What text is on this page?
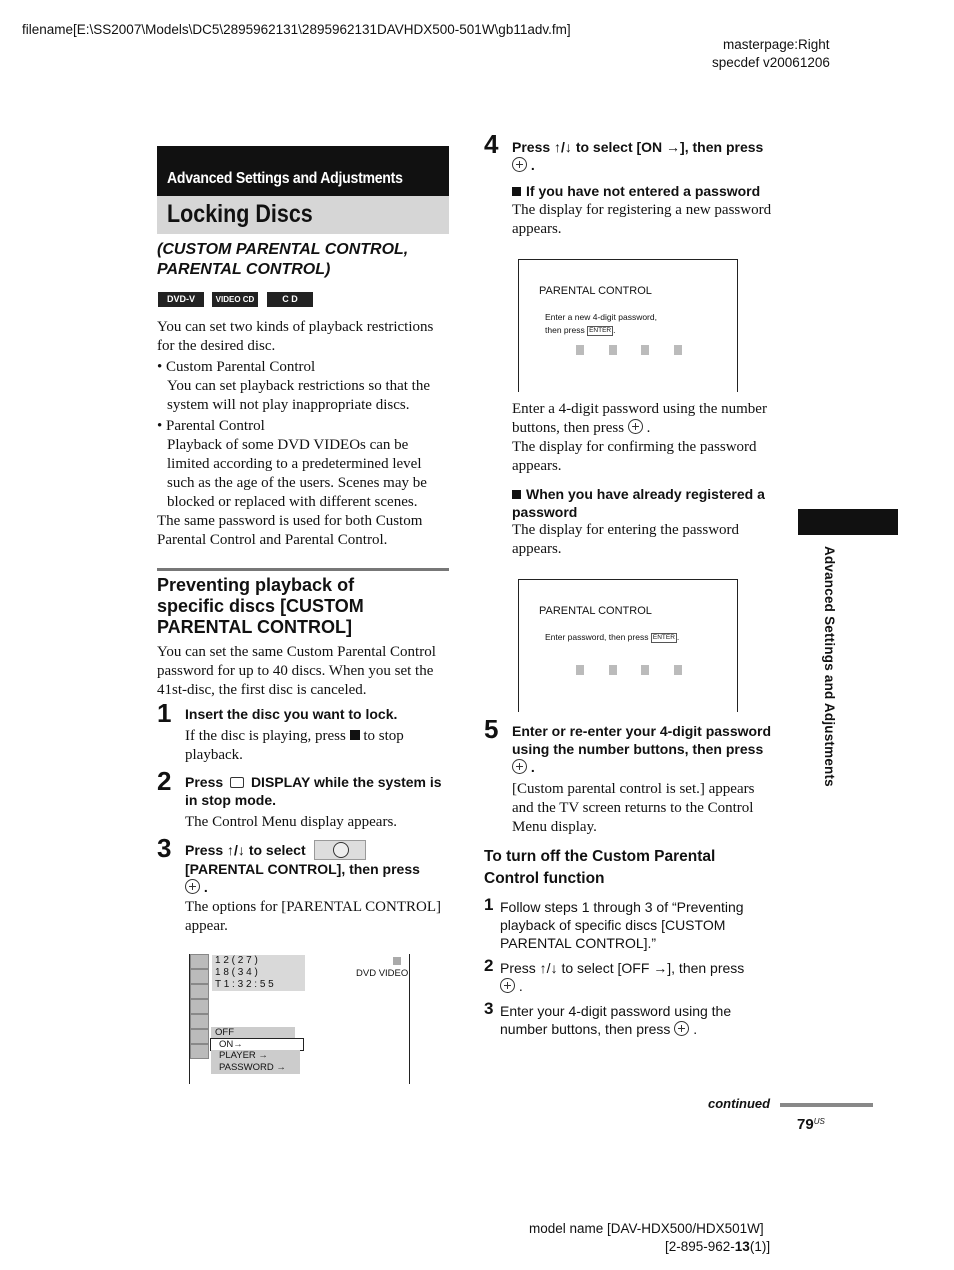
filename[E:\SS2007\Models\DC5\2895962131\2895962131DAVHDX500-501W\gb11adv.fm]
masterpage:Right
specdef v20061206
Advanced Settings and Adjustments
Locking Discs
(CUSTOM PARENTAL CONTROL,
PARENTAL CONTROL)
DVD-V	VIDEO CD	C D
You can set two kinds of playback restrictions
for the desired disc.
• Custom Parental Control
You can set playback restrictions so that the
system will not play inappropriate discs.
• Parental Control
Playback of some DVD VIDEOs can be
limited according to a predetermined level
such as the age of the users. Scenes may be
blocked or replaced with different scenes.
The same password is used for both Custom
Parental Control and Parental Control.
Preventing playback of
specific discs [CUSTOM
PARENTAL CONTROL]
You can set the same Custom Parental Control
password for up to 40 discs. When you set the
41st-disc, the first disc is canceled.
1 Insert the disc you want to lock.
If the disc is playing, press to stop
playback.
2 Press DISPLAY while the system is
in stop mode.
The Control Menu display appears.
3 Press ↑/↓ to select
[PARENTAL CONTROL], then press
.
The options for [PARENTAL CONTROL]
appear.
1 2 ( 2 7 )
1 8 ( 3 4 )
T 1 : 3 2 : 5 5
DVD VIDEO
OFF
ON→
PLAYER →
PASSWORD →
4 Press ↑/↓ to select [ON →], then press
.
If you have not entered a password
The display for registering a new password
appears.
PARENTAL CONTROL
Enter a new 4-digit password,
then press ENTER .
Enter a 4-digit password using the number
buttons, then press  .
The display for confirming the password
appears.
When you have already registered a
password
The display for entering the password
appears.
PARENTAL CONTROL
Enter password, then press ENTER .
5 Enter or re-enter your 4-digit password
using the number buttons, then press
.
[Custom parental control is set.] appears
and the TV screen returns to the Control
Menu display.
To turn off the Custom Parental
Control function
1 Follow steps 1 through 3 of “Preventing
playback of specific discs [CUSTOM
PARENTAL CONTROL].”
2 Press ↑/↓ to select [OFF →], then press
.
3 Enter your 4-digit password using the
number buttons, then press  .
Advanced Settings and Adjustments
continued
$79^{US}$
model name [DAV-HDX500/HDX501W]
[2-895-962-13(1)]
